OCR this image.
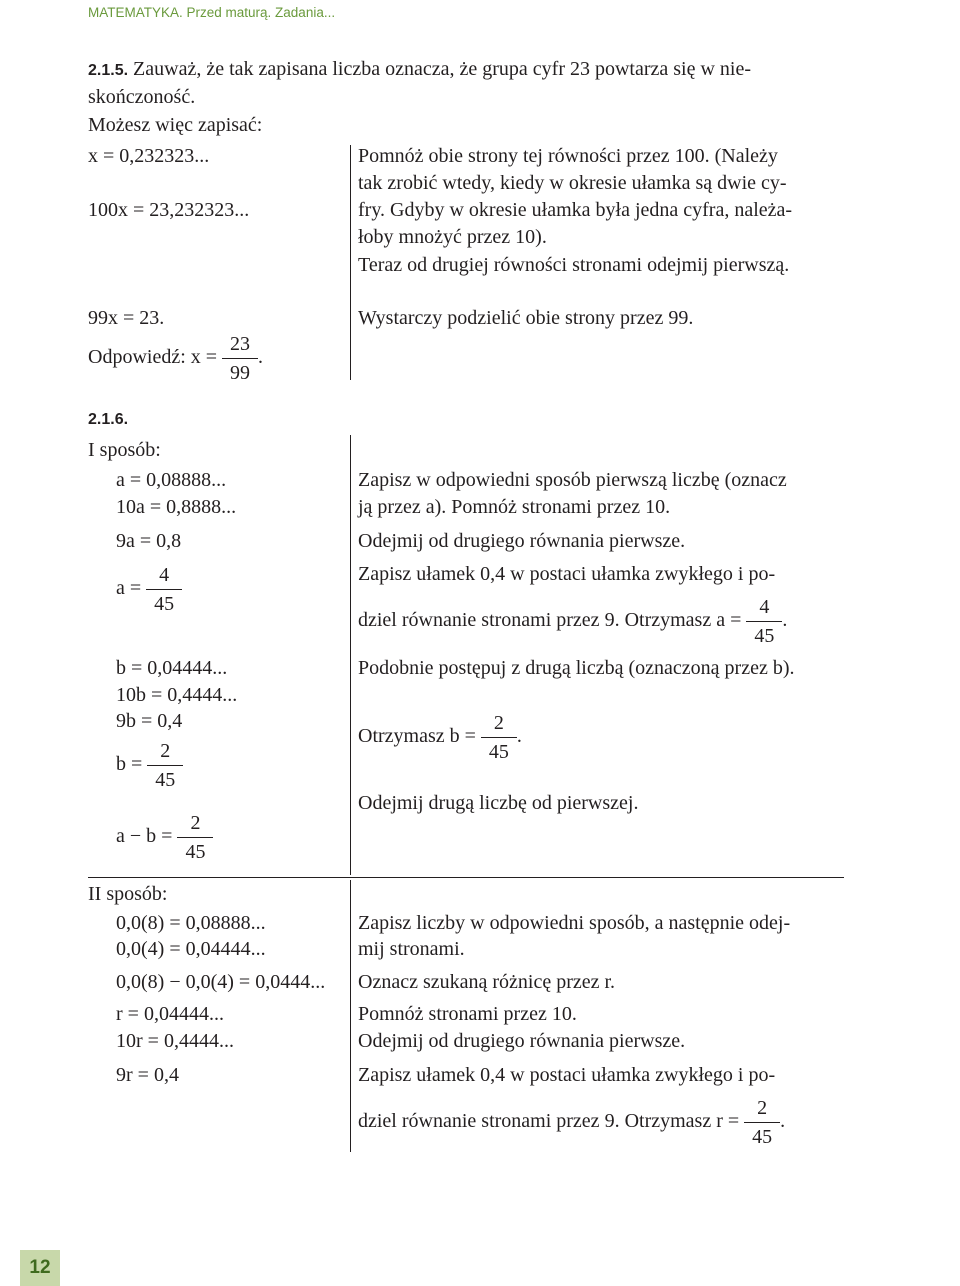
MATEMATYKA. Przed maturą. Zadania...
2.1.5. Zauważ, że tak zapisana liczba oznacza, że grupa cyfr 23 powtarza się w nie-
skończoność.
Możesz więc zapisać:
x = 0,232323...
100x = 23,232323...
99x = 23.
Odpowiedź: $x = \frac{23}{99}$ .
Pomnóż obie strony tej równości przez 100. (Należy
tak zrobić wtedy, kiedy w okresie ułamka są dwie cy-
fry. Gdyby w okresie ułamka była jedna cyfra, należa-
łoby mnożyć przez 10).
Teraz od drugiej równości stronami odejmij pierwszą.
Wystarczy podzielić obie strony przez 99.
2.1.6.
I sposób:
a = 0,08888...
10a = 0,8888...
9a = 0,8
$a = \frac{4}{45}$
b = 0,04444...
10b = 0,4444...
9b = 0,4
$b = \frac{2}{45}$
$a - b = \frac{2}{45}$
Zapisz w odpowiedni sposób pierwszą liczbę (oznacz
ją przez a). Pomnóż stronami przez 10.
Odejmij od drugiego równania pierwsze.
Zapisz ułamek 0,4 w postaci ułamka zwykłego i po-
dziel równanie stronami przez 9. Otrzymasz $a = \frac{4}{45}$ .
Podobnie postępuj z drugą liczbą (oznaczoną przez b).
Otrzymasz $b = \frac{2}{45}$ .
Odejmij drugą liczbę od pierwszej.
II sposób:
0,0(8) = 0,08888...
0,0(4) = 0,04444...
0,0(8) − 0,0(4) = 0,0444...
r = 0,04444...
10r = 0,4444...
9r = 0,4
Zapisz liczby w odpowiedni sposób, a następnie odej-
mij stronami.
Oznacz szukaną różnicę przez r.
Pomnóż stronami przez 10.
Odejmij od drugiego równania pierwsze.
Zapisz ułamek 0,4 w postaci ułamka zwykłego i po-
dziel równanie stronami przez 9. Otrzymasz $r = \frac{2}{45}$ .
12
